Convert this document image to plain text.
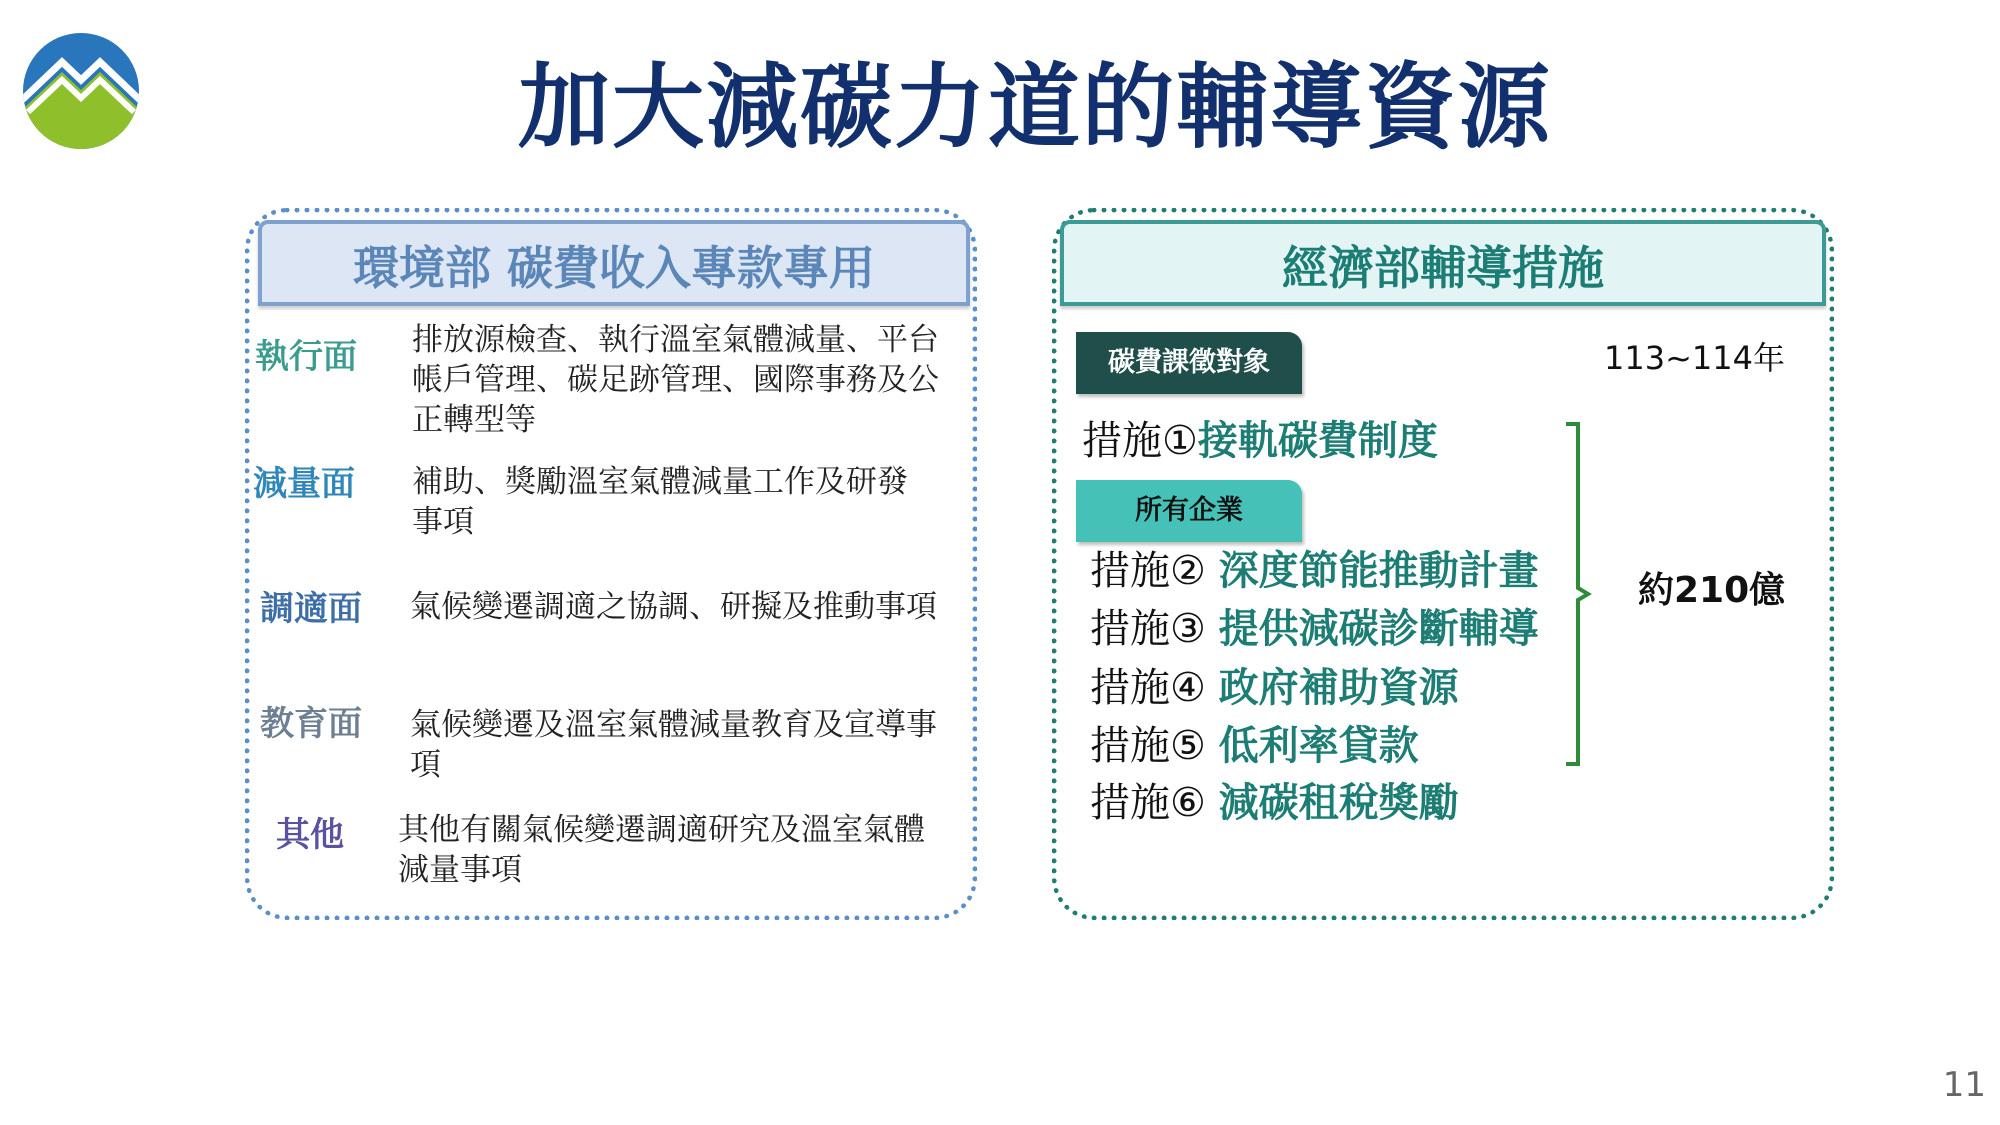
加大減碳力道的輔導資源
環境部 碳費收入專款專用
執行面 排放源檢查、執行溫室氣體減量、平台帳戶管理、碳足跡管理、國際事務及公正轉型等
減量面 補助、獎勵溫室氣體減量工作及研發事項
調適面 氣候變遷調適之協調、研擬及推動事項
教育面 氣候變遷及溫室氣體減量教育及宣導事項
其他 其他有關氣候變遷調適研究及溫室氣體減量事項
經濟部輔導措施
碳費課徵對象	113~114年
措施①接軌碳費制度
所有企業
措施② 深度節能推動計畫
措施③ 提供減碳診斷輔導
措施④ 政府補助資源
措施⑤ 低利率貸款
措施⑥ 減碳租稅獎勵
約210億
11
